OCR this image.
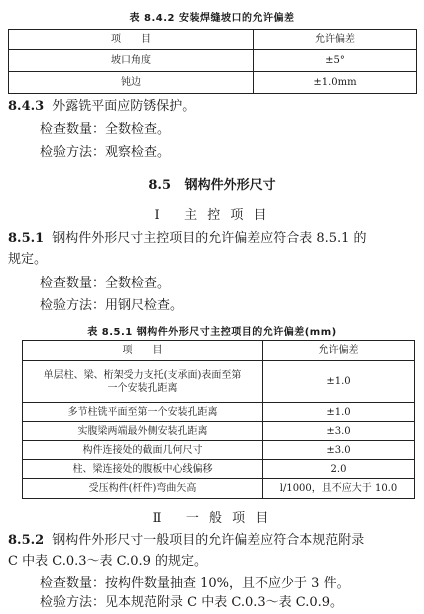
表 8.4.2 安装焊缝坡口的允许偏差
项　　目	允许偏差
坡口角度	±5°
钝边	±1.0mm
8.4.3 外露铣平面应防锈保护。
检查数量：全数检查。
检验方法：观察检查。
8.5 钢构件外形尺寸
Ⅰ 主 控 项 目
8.5.1 钢构件外形尺寸主控项目的允许偏差应符合表 8.5.1 的
规定。
检查数量：全数检查。
检验方法：用钢尺检查。
表 8.5.1 钢构件外形尺寸主控项目的允许偏差(mm)
项　　目	允许偏差
单层柱、梁、桁架受力支托(支承面)表面至第一个安装孔距离	±1.0
多节柱铣平面至第一个安装孔距离	±1.0
实腹梁两端最外侧安装孔距离	±3.0
构件连接处的截面几何尺寸	±3.0
柱、梁连接处的腹板中心线偏移	2.0
受压构件(杆件)弯曲矢高	l/1000，且不应大于 10.0
Ⅱ 一 般 项 目
8.5.2 钢构件外形尺寸一般项目的允许偏差应符合本规范附录
C 中表 C.0.3～表 C.0.9 的规定。
检查数量：按构件数量抽查 10%，且不应少于 3 件。
检验方法：见本规范附录 C 中表 C.0.3～表 C.0.9。
